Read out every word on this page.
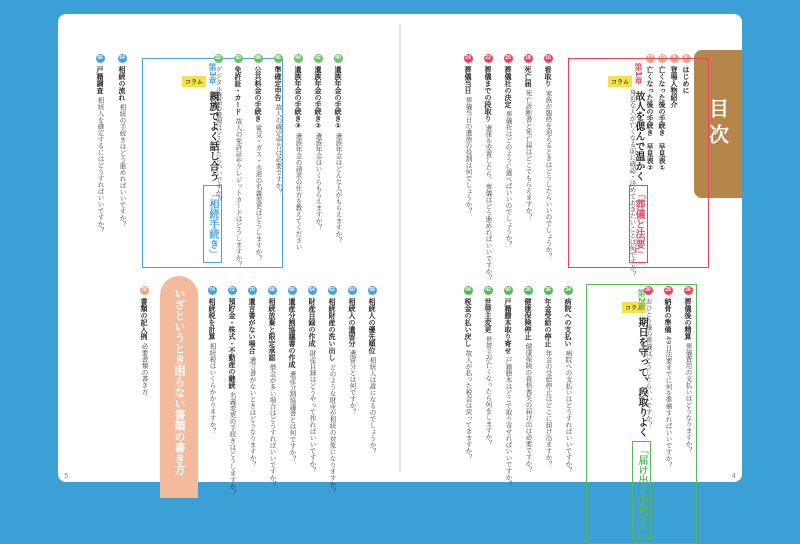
5
54
相続の流れ
相続の手続きはどう進めればいいですか？
56
戸籍調査
相続人を確定するにはどうすればいいですか？
第3章
親族でよく話し合う
「相続手続き」
コラム
52
デジタル遺品の整理はどうしたらいいですか？
50
免許証・カード
故人の免許証やクレジットカードはどうしますか？
48
公共料金の手続き
電気・ガス・水道の名義変更はどうしますか？
46
準確定申告
故人の確定申告は必要ですか？
44
遺族年金の手続き③
遺族年金の請求の仕方を教えてください
42
遺族年金の手続き②
遺族年金はいくらもらえますか？
40
遺族年金の手続き①
遺族年金はどんな人がもらえますか？
いざというとき困らない書類の書き方
76
書類の記入例
必要書類の書き方
74
相続税を計算
相続税はいくらかかりますか？
72
預貯金・株式・不動産の継続
名義変更の手続きはどうしますか？
70
遺言書がない場合
遺言書がないときはどうなりますか？
68
相続放棄と限定承認
借金が多い場合はどうすればいいですか？
66
遺産分割協議書の作成
遺産分割協議書とは何ですか？
64
財産目録の作成
財産目録はどうやって作ればいいですか？
62
相続財産の洗い出し
どのような財産が相続の対象になりますか？
60
相続人の遺留分
遺留分とは何ですか？
58
相続人の優先順位
相続人は誰になるのでしょうか？
4
目次
6
はじめに
8
登場人物紹介
10
亡くなった後の手続き　早見表①
12
亡くなった後の手続き　早見表②
コラム
身近な人が亡くなる前に確認・決めておきたいことは何ですか？
第1章
故人を偲んで温かく
「葬儀と法要」
16
看取り
家族が臨終を迎えるときはどうしたらいいのでしょうか？
18
死亡届
死亡診断書と死亡届はどこでもらえますか？
20
葬儀社の決定
葬儀社はどのように選べばいいのでしょうか？
22
葬儀までの段取り
遺体を安置したら、葬儀はどう進めればいいですか？
24
葬儀当日
葬儀当日の遺族の役割は何でしょうか？
26
葬儀後の精算
葬儀費用の支払いはどうなりますか？
28
納骨の準備
49日法要までに何を準備すればいいですか？
コラム
30
おひとり様の葬儀はどうしたらいいですか？
第2章
期日を守って、段取りよく
「届け出と手続き」
34
病院への支払い
病院への支払いはどうすればいいですか？
36
年金受給の停止
年金の受給停止はどこに届け出ますか？
38
健康保険停止
健康保険の資格喪失の届け出は必要ですか？
40
戸籍謄本取り寄せ
戸籍謄本はどこで取り寄せればいいですか？
42
世帯主変更
世帯主が亡くなったら何をしますか？
44
税金の払い戻し
故人が払った税金は戻ってきますか？
